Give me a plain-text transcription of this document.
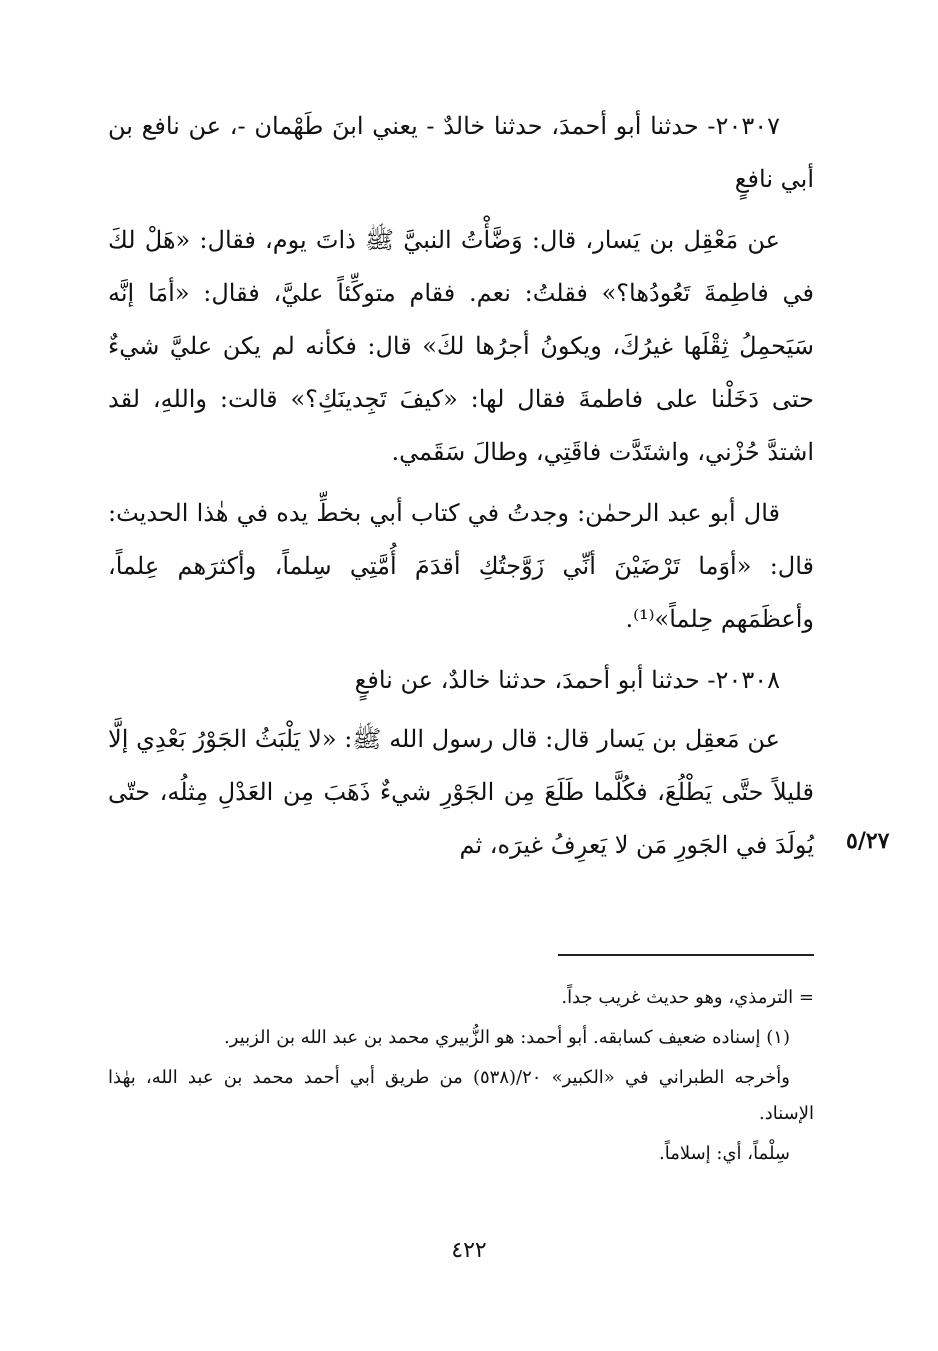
٢٠٣٠٧- حدثنا أبو أحمدَ، حدثنا خالدٌ - يعني ابنَ طَهْمان -، عن نافع بن أبي نافعٍ

عن مَعْقِل بن يَسار، قال: وَضَّأْتُ النبيَّ ﷺ ذاتَ يوم، فقال: «هَلْ لكَ في فاطِمةَ تَعُودُها؟» فقلتُ: نعم. فقام متوكِّئاً عليَّ، فقال: «أمَا إنَّه سَيَحمِلُ ثِقْلَها غيرُكَ، ويكونُ أجرُها لكَ» قال: فكأنه لم يكن عليَّ شيءٌ حتى دَخَلْنا على فاطمةَ فقال لها: «كيفَ تَجِدينَكِ؟» قالت: واللهِ، لقد اشتدَّ حُزْني، واشتَدَّت فاقَتِي، وطالَ سَقَمي.

قال أبو عبد الرحمٰن: وجدتُ في كتاب أبي بخطِّ يده في هٰذا الحديث: قال: «أوَما تَرْضَيْنَ أنِّي زَوَّجتُكِ أقدَمَ أُمَّتِي سِلماً، وأكثرَهم عِلماً، وأعظَمَهم حِلماً»⁽¹⁾.

٢٠٣٠٨- حدثنا أبو أحمدَ، حدثنا خالدٌ، عن نافعٍ

عن مَعقِل بن يَسار قال: قال رسول الله ﷺ: «لا يَلْبَثُ الجَوْرُ بَعْدِي إلَّا قليلاً حتَّى يَطْلُعَ، فكُلَّما طَلَعَ مِن الجَوْرِ شيءٌ ذَهَبَ مِن العَدْلِ مِثلُه، حتّى يُولَدَ في الجَورِ مَن لا يَعرِفُ غيرَه، ثم ٥/٢٧

= الترمذي، وهو حديث غريب جداً.

(١) إسناده ضعيف كسابقه. أبو أحمد: هو الزُّبيري محمد بن عبد الله بن الزبير.

وأخرجه الطبراني في «الكبير» ٢٠/(٥٣٨) من طريق أبي أحمد محمد بن عبد الله، بهٰذا الإسناد.

سِلْماً، أي: إسلاماً.

٤٢٢
